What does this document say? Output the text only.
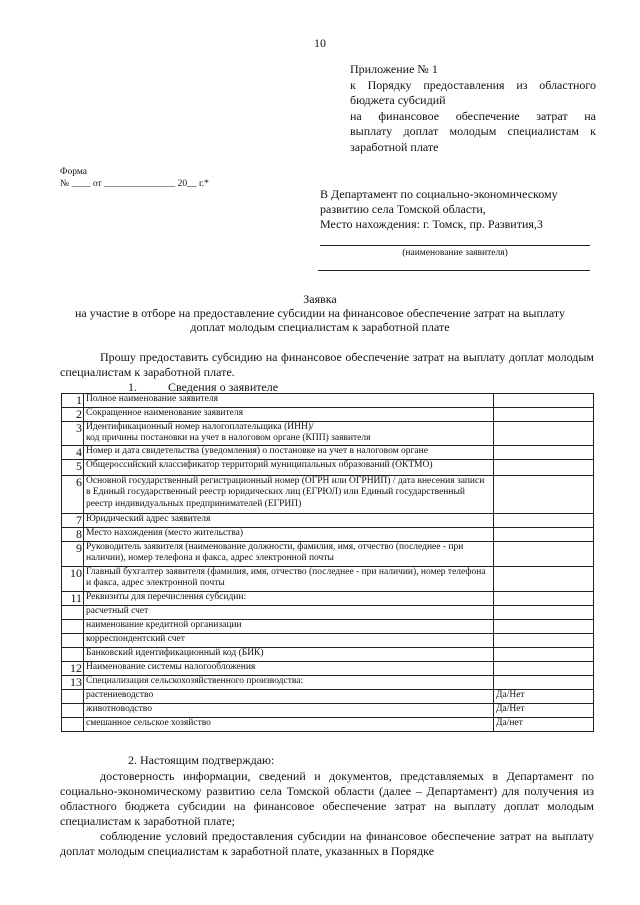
10
Приложение № 1
к Порядку предоставления из областного
бюджета субсидий
на финансовое обеспечение затрат на
выплату доплат молодым специалистам к
заработной плате
Форма
№ ____ от _______________ 20__ г.*
В Департамент по социально-экономическому
развитию села Томской области,
Место нахождения: г. Томск, пр. Развития,3
(наименование заявителя)
Заявка
на участие в отборе на предоставление субсидии на финансовое обеспечение затрат на выплату
доплат молодым специалистам к заработной плате
Прошу предоставить субсидию на финансовое обеспечение затрат на выплату доплат молодым специалистам к заработной плате.
1.	Сведения о заявителе
1	Полное наименование заявителя	
2	Сокращенное наименование заявителя	
3	Идентификационный номер налогоплательщика (ИНН)/
код причины постановки на учет в налоговом органе (КПП) заявителя	
4	Номер и дата свидетельства (уведомления) о постановке на учет в налоговом органе	
5	Общероссийский классификатор территорий муниципальных образований (ОКТМО)	
6	Основной государственный регистрационный номер (ОГРН или ОГРНИП) / дата внесения записи в Единый государственный реестр юридических лиц (ЕГРЮЛ) или Единый государственный реестр индивидуальных предпринимателей (ЕГРИП)	
7	Юридический адрес заявителя	
8	Место нахождения (место жительства)	
9	Руководитель заявителя (наименование должности, фамилия, имя, отчество (последнее - при наличии), номер телефона и факса, адрес электронной почты	
10	Главный бухгалтер заявителя (фамилия, имя, отчество (последнее - при наличии), номер телефона и факса, адрес электронной почты	
11	Реквизиты для перечисления субсидии:	
	расчетный счет	
	наименование кредитной организации	
	корреспондентский счет	
	Банковский идентификационный код (БИК)	
12	Наименование системы налогообложения	
13	Специализация сельскохозяйственного производства:	
	растениеводство	Да/Нет
	животноводство	Да/Нет
	смешанное сельское хозяйство	Да/нет
2. Настоящим подтверждаю:
достоверность информации, сведений и документов, представляемых в Департамент по социально-экономическому развитию села Томской области (далее – Департамент) для получения из областного бюджета субсидии на финансовое обеспечение затрат на выплату доплат молодым специалистам к заработной плате;
соблюдение условий предоставления субсидии на финансовое обеспечение затрат на выплату доплат молодым специалистам к заработной плате, указанных в Порядке
